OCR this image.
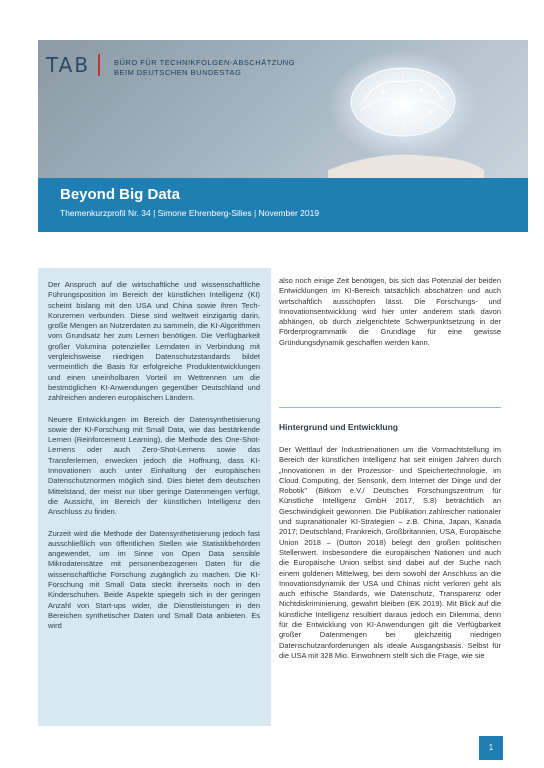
TAB	BÜRO FÜR TECHNIKFOLGEN-ABSCHÄTZUNG
BEIM DEUTSCHEN BUNDESTAG
Beyond Big Data
Themenkurzprofil Nr. 34 | Simone Ehrenberg-Silies | November 2019

Der Anspruch auf die wirtschaftliche und wissenschaftliche Führungsposition im Bereich der künstlichen Intelligenz (KI) scheint bislang mit den USA und China sowie ihren Tech-Konzernen verbunden. Diese sind weltweit einzigartig darin, große Mengen an Nutzerdaten zu sammeln, die KI-Algorithmen vom Grundsatz her zum Lernen benötigen. Die Verfügbarkeit großer Volumina potenzieller Lerndaten in Verbindung mit vergleichsweise niedrigen Datenschutzstandards bildet vermeintlich die Basis für erfolgreiche Produktentwicklungen und einen uneinholbaren Vorteil im Wettrennen um die bestmöglichen KI-Anwendungen gegenüber Deutschland und zahlreichen anderen europäischen Ländern.

Neuere Entwicklungen im Bereich der Datensynthetisierung sowie der KI-Forschung mit Small Data, wie das bestärkende Lernen (Reinforcement Learning), die Methode des One-Shot-Lernens oder auch Zero-Shot-Lernens sowie das Transferlernen, erwecken jedoch die Hoffnung, dass KI-Innovationen auch unter Einhaltung der europäischen Datenschutznormen möglich sind. Dies bietet dem deutschen Mittelstand, der meist nur über geringe Datenmengen verfügt, die Aussicht, im Bereich der künstlichen Intelligenz den Anschluss zu finden.

Zurzeit wird die Methode der Datensynthetisierung jedoch fast ausschließlich von öffentlichen Stellen wie Statistikbehörden angewendet, um im Sinne von Open Data sensible Mikrodatensätze mit personenbezogenen Daten für die wissenschaftliche Forschung zugänglich zu machen. Die KI-Forschung mit Small Data steckt ihrerseits noch in den Kinderschuhen. Beide Aspekte spiegeln sich in der geringen Anzahl von Start-ups wider, die Dienstleistungen in den Bereichen synthetischer Daten und Small Data anbieten. Es wird

also noch einige Zeit benötigen, bis sich das Potenzial der beiden Entwicklungen im KI-Bereich tatsächlich abschätzen und auch wirtschaftlich ausschöpfen lässt. Die Forschungs- und Innovationsentwicklung wird hier unter anderem stark davon abhängen, ob durch zielgerichtete Schwerpunktsetzung in der Förderprogrammatik die Grundlage für eine gewisse Gründungsdynamik geschaffen werden kann.

Hintergrund und Entwicklung

Der Wettlauf der Industrienationen um die Vormachtstellung im Bereich der künstlichen Intelligenz hat seit einigen Jahren durch „Innovationen in der Prozessor- und Speichertechnologie, im Cloud Computing, der Sensorik, dem Internet der Dinge und der Robotik" (Bitkom e.V./ Deutsches Forschungszentrum für Künstliche Intelligenz GmbH 2017, S.8) beträchtlich an Geschwindigkeit gewonnen. Die Publikation zahlreicher nationaler und supranationaler KI-Strategien – z.B. China, Japan, Kanada 2017; Deutschland, Frankreich, Großbritannien, USA, Europäische Union 2018 – (Dutton 2018) belegt den großen politischen Stellenwert. Insbesondere die europäischen Nationen und auch die Europäische Union selbst sind dabei auf der Suche nach einem goldenen Mittelweg, bei dem sowohl der Anschluss an die Innovationsdynamik der USA und Chinas nicht verloren geht als auch ethische Standards, wie Datenschutz, Transparenz oder Nichtdiskriminierung, gewahrt bleiben (EK 2019). Mit Blick auf die künstliche Intelligenz resultiert daraus jedoch ein Dilemma, denn für die Entwicklung von KI-Anwendungen gilt die Verfügbarkeit großer Datenmengen bei gleichzeitig niedrigen Datenschutzanforderungen als ideale Ausgangsbasis. Selbst für die USA mit 328 Mio. Einwohnern stellt sich die Frage, wie sie

1
